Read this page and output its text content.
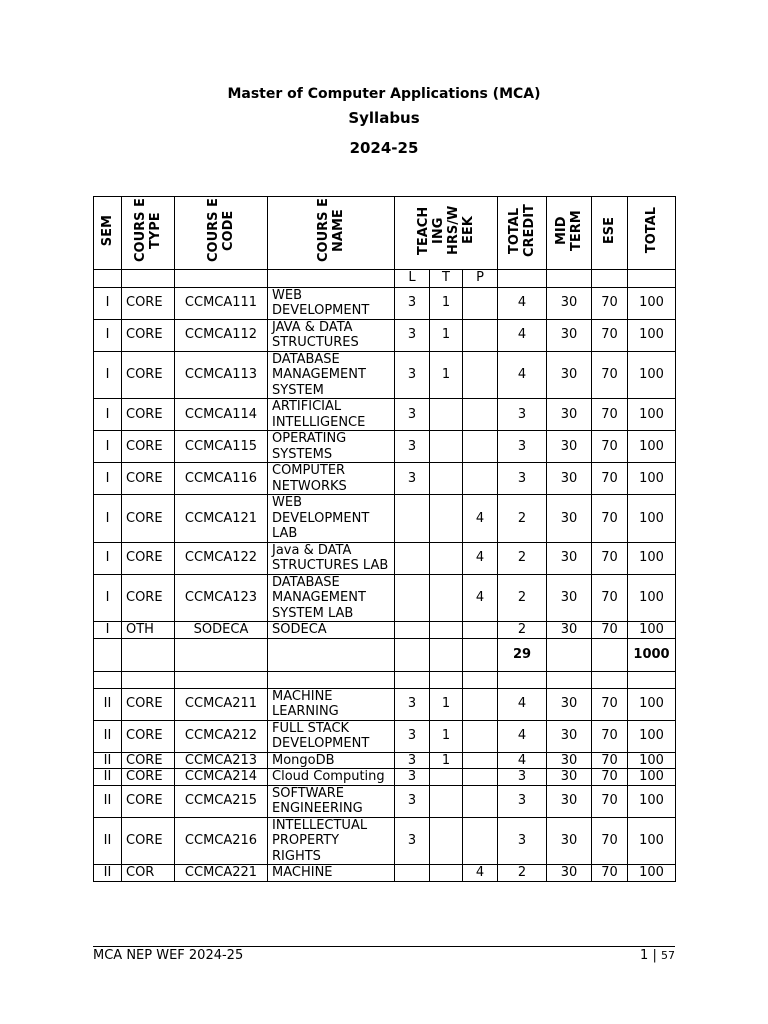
Master of Computer Applications (MCA)
Syllabus
2024-25
SEM	COURS E TYPE	COURS E CODE	COURS E NAME	TEACH ING HRS/W EEK			TOTAL CREDIT	MID TERM	ESE	TOTAL
				L	T	P				
I	CORE	CCMCA111	WEB DEVELOPMENT	3	1		4	30	70	100
I	CORE	CCMCA112	JAVA & DATA STRUCTURES	3	1		4	30	70	100
I	CORE	CCMCA113	DATABASE MANAGEMENT SYSTEM	3	1		4	30	70	100
I	CORE	CCMCA114	ARTIFICIAL INTELLIGENCE	3			3	30	70	100
I	CORE	CCMCA115	OPERATING SYSTEMS	3			3	30	70	100
I	CORE	CCMCA116	COMPUTER NETWORKS	3			3	30	70	100
I	CORE	CCMCA121	WEB DEVELOPMENT LAB			4	2	30	70	100
I	CORE	CCMCA122	Java & DATA STRUCTURES LAB			4	2	30	70	100
I	CORE	CCMCA123	DATABASE MANAGEMENT SYSTEM LAB			4	2	30	70	100
I	OTH	SODECA	SODECA				2	30	70	100
							29			1000

II	CORE	CCMCA211	MACHINE LEARNING	3	1		4	30	70	100
II	CORE	CCMCA212	FULL STACK DEVELOPMENT	3	1		4	30	70	100
II	CORE	CCMCA213	MongoDB	3	1		4	30	70	100
II	CORE	CCMCA214	Cloud Computing	3			3	30	70	100
II	CORE	CCMCA215	SOFTWARE ENGINEERING	3			3	30	70	100
II	CORE	CCMCA216	INTELLECTUAL PROPERTY RIGHTS	3			3	30	70	100
II	COR	CCMCA221	MACHINE			4	2	30	70	100
MCA NEP WEF 2024-25	1 | 57
